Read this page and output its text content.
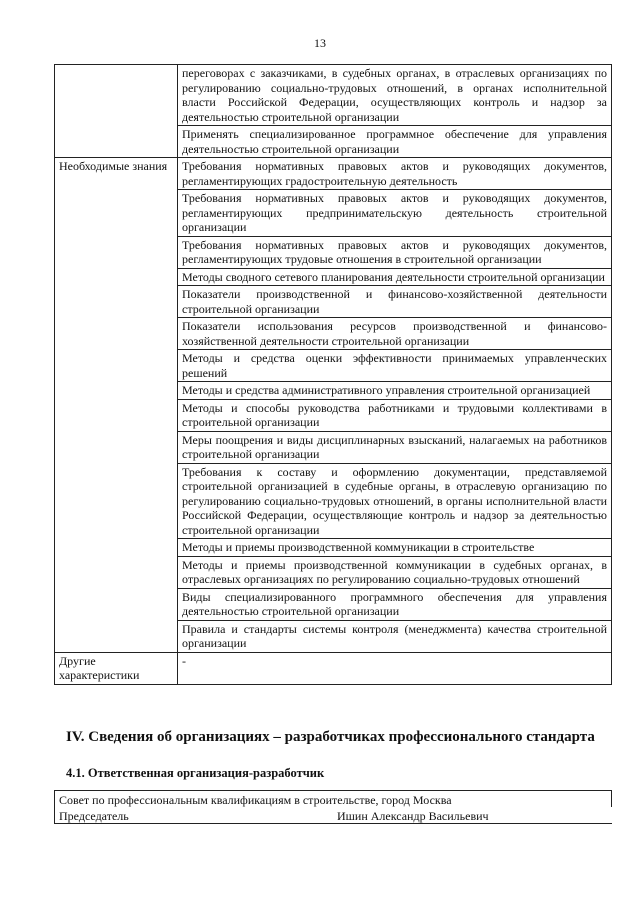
13
	переговорах с заказчиками, в судебных органах, в отраслевых организациях по регулированию социально-трудовых отношений, в органах исполнительной власти Российской Федерации, осуществляющих контроль и надзор за деятельностью строительной организации
	Применять специализированное программное обеспечение для управления деятельностью строительной организации
Необходимые знания	Требования нормативных правовых актов и руководящих документов, регламентирующих градостроительную деятельность
	Требования нормативных правовых актов и руководящих документов, регламентирующих предпринимательскую деятельность строительной организации
	Требования нормативных правовых актов и руководящих документов, регламентирующих трудовые отношения в строительной организации
	Методы сводного сетевого планирования деятельности строительной организации
	Показатели производственной и финансово-хозяйственной деятельности строительной организации
	Показатели использования ресурсов производственной и финансово-хозяйственной деятельности строительной организации
	Методы и средства оценки эффективности принимаемых управленческих решений
	Методы и средства административного управления строительной организацией
	Методы и способы руководства работниками и трудовыми коллективами в строительной организации
	Меры поощрения и виды дисциплинарных взысканий, налагаемых на работников строительной организации
	Требования к составу и оформлению документации, представляемой строительной организацией в судебные органы, в отраслевую организацию по регулированию социально-трудовых отношений, в органы исполнительной власти Российской Федерации, осуществляющие контроль и надзор за деятельностью строительной организации
	Методы и приемы производственной коммуникации в строительстве
	Методы и приемы производственной коммуникации в судебных органах, в отраслевых организациях по регулированию социально-трудовых отношений
	Виды специализированного программного обеспечения для управления деятельностью строительной организации
	Правила и стандарты системы контроля (менеджмента) качества строительной организации
Другие характеристики	-
IV. Сведения об организациях – разработчиках профессионального стандарта
4.1. Ответственная организация-разработчик
Совет по профессиональным квалификациям в строительстве, город Москва
Председатель	Ишин Александр Васильевич
